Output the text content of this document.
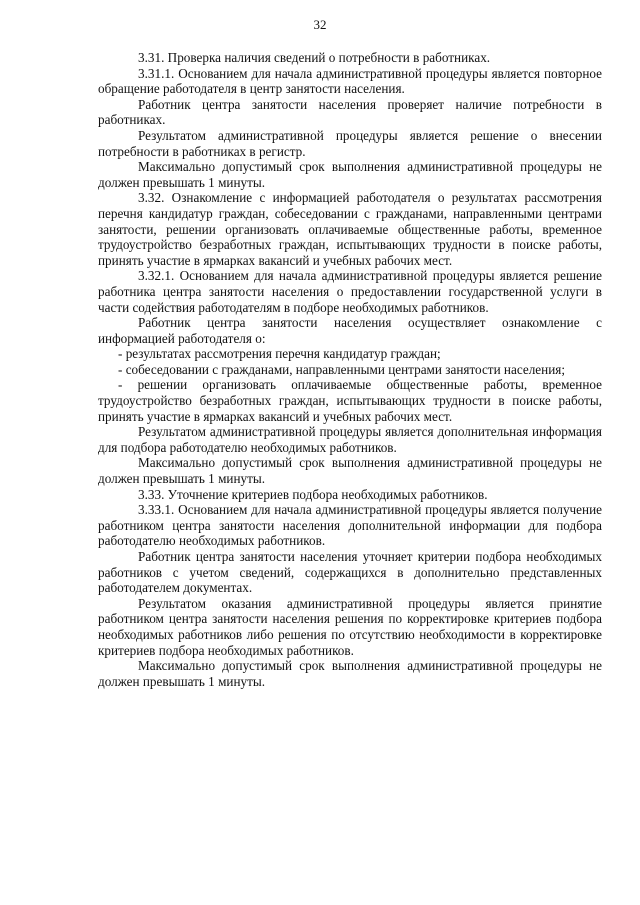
32

3.31. Проверка наличия сведений о потребности в работниках.

3.31.1. Основанием для начала административной процедуры является повторное обращение работодателя в центр занятости населения.

Работник центра занятости населения проверяет наличие потребности в работниках.

Результатом административной процедуры является решение о внесении потребности в работниках в регистр.

Максимально допустимый срок выполнения административной процедуры не должен превышать 1 минуты.

3.32. Ознакомление с информацией работодателя о результатах рассмотрения перечня кандидатур граждан, собеседовании с гражданами, направленными центрами занятости, решении организовать оплачиваемые общественные работы, временное трудоустройство безработных граждан, испытывающих трудности в поиске работы, принять участие в ярмарках вакансий и учебных рабочих мест.

3.32.1. Основанием для начала административной процедуры является решение работника центра занятости населения о предоставлении государственной услуги в части содействия работодателям в подборе необходимых работников.

Работник центра занятости населения осуществляет ознакомление с информацией работодателя о:

- результатах рассмотрения перечня кандидатур граждан;

- собеседовании с гражданами, направленными центрами занятости населения;

- решении организовать оплачиваемые общественные работы, временное трудоустройство безработных граждан, испытывающих трудности в поиске работы, принять участие в ярмарках вакансий и учебных рабочих мест.

Результатом административной процедуры является дополнительная информация для подбора работодателю необходимых работников.

Максимально допустимый срок выполнения административной процедуры не должен превышать 1 минуты.

3.33. Уточнение критериев подбора необходимых работников.

3.33.1. Основанием для начала административной процедуры является получение работником центра занятости населения дополнительной информации для подбора работодателю необходимых работников.

Работник центра занятости населения уточняет критерии подбора необходимых работников с учетом сведений, содержащихся в дополнительно представленных работодателем документах.

Результатом оказания административной процедуры является принятие работником центра занятости населения решения по корректировке критериев подбора необходимых работников либо решения по отсутствию необходимости в корректировке критериев подбора необходимых работников.

Максимально допустимый срок выполнения административной процедуры не должен превышать 1 минуты.
